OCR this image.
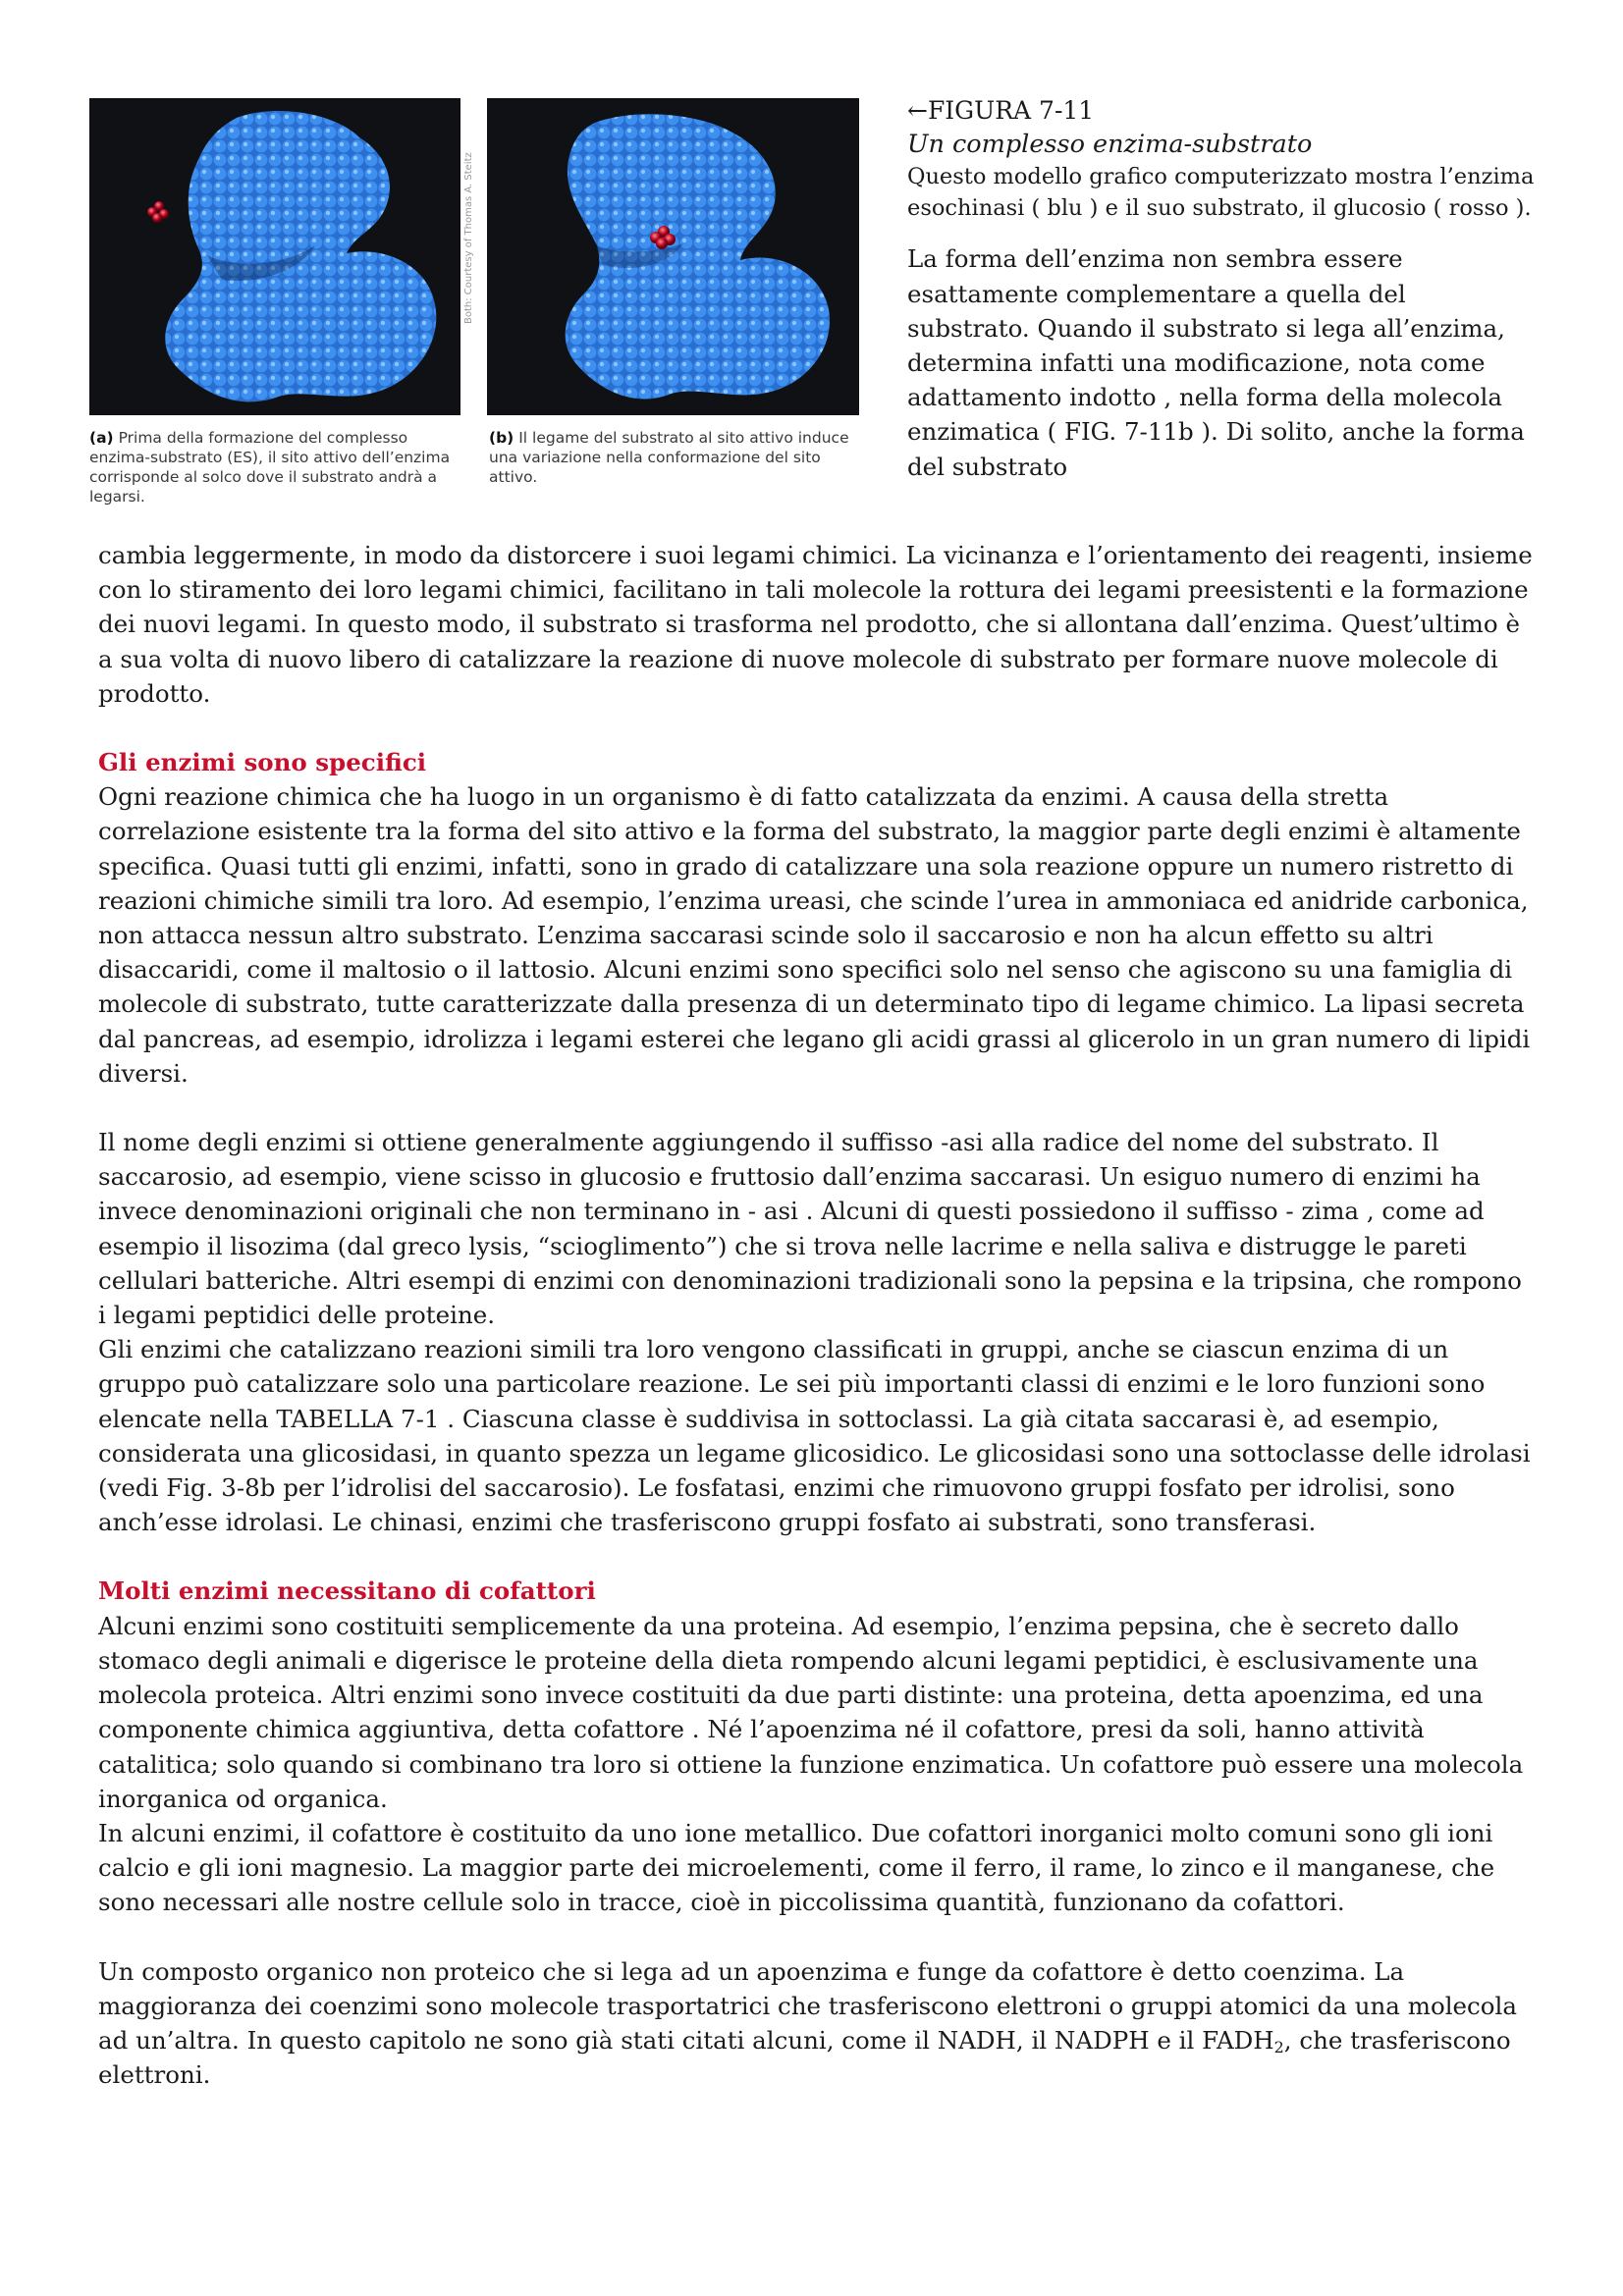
Both: Courtesy of Thomas A. Steitz
(a) Prima della formazione del complesso enzima-substrato (ES), il sito attivo dell’enzima corrisponde al solco dove il substrato andrà a legarsi.
(b) Il legame del substrato al sito attivo induce una variazione nella conformazione del sito attivo.
←FIGURA 7-11
Un complesso enzima-substrato
Questo modello grafico computerizzato mostra l’enzima esochinasi ( blu ) e il suo substrato, il glucosio ( rosso ).
La forma dell’enzima non sembra essere esattamente complementare a quella del substrato. Quando il substrato si lega all’enzima, determina infatti una modificazione, nota come adattamento indotto , nella forma della molecola enzimatica ( FIG. 7-11b ). Di solito, anche la forma del substrato

cambia leggermente, in modo da distorcere i suoi legami chimici. La vicinanza e l’orientamento dei reagenti, insieme con lo stiramento dei loro legami chimici, facilitano in tali molecole la rottura dei legami preesistenti e la formazione dei nuovi legami. In questo modo, il substrato si trasforma nel prodotto, che si allontana dall’enzima. Quest’ultimo è a sua volta di nuovo libero di catalizzare la reazione di nuove molecole di substrato per formare nuove molecole di prodotto.

Gli enzimi sono specifici

Ogni reazione chimica che ha luogo in un organismo è di fatto catalizzata da enzimi. A causa della stretta correlazione esistente tra la forma del sito attivo e la forma del substrato, la maggior parte degli enzimi è altamente specifica. Quasi tutti gli enzimi, infatti, sono in grado di catalizzare una sola reazione oppure un numero ristretto di reazioni chimiche simili tra loro. Ad esempio, l’enzima ureasi, che scinde l’urea in ammoniaca ed anidride carbonica, non attacca nessun altro substrato. L’enzima saccarasi scinde solo il saccarosio e non ha alcun effetto su altri disaccaridi, come il maltosio o il lattosio. Alcuni enzimi sono specifici solo nel senso che agiscono su una famiglia di molecole di substrato, tutte caratterizzate dalla presenza di un determinato tipo di legame chimico. La lipasi secreta dal pancreas, ad esempio, idrolizza i legami esterei che legano gli acidi grassi al glicerolo in un gran numero di lipidi diversi.

Il nome degli enzimi si ottiene generalmente aggiungendo il suffisso -asi alla radice del nome del substrato. Il saccarosio, ad esempio, viene scisso in glucosio e fruttosio dall’enzima saccarasi. Un esiguo numero di enzimi ha invece denominazioni originali che non terminano in - asi . Alcuni di questi possiedono il suffisso - zima , come ad esempio il lisozima (dal greco lysis, “scioglimento”) che si trova nelle lacrime e nella saliva e distrugge le pareti cellulari batteriche. Altri esempi di enzimi con denominazioni tradizionali sono la pepsina e la tripsina, che rompono i legami peptidici delle proteine.

Gli enzimi che catalizzano reazioni simili tra loro vengono classificati in gruppi, anche se ciascun enzima di un gruppo può catalizzare solo una particolare reazione. Le sei più importanti classi di enzimi e le loro funzioni sono elencate nella TABELLA 7-1 . Ciascuna classe è suddivisa in sottoclassi. La già citata saccarasi è, ad esempio, considerata una glicosidasi, in quanto spezza un legame glicosidico. Le glicosidasi sono una sottoclasse delle idrolasi (vedi Fig. 3-8b per l’idrolisi del saccarosio). Le fosfatasi, enzimi che rimuovono gruppi fosfato per idrolisi, sono anch’esse idrolasi. Le chinasi, enzimi che trasferiscono gruppi fosfato ai substrati, sono transferasi.

Molti enzimi necessitano di cofattori

Alcuni enzimi sono costituiti semplicemente da una proteina. Ad esempio, l’enzima pepsina, che è secreto dallo stomaco degli animali e digerisce le proteine della dieta rompendo alcuni legami peptidici, è esclusivamente una molecola proteica. Altri enzimi sono invece costituiti da due parti distinte: una proteina, detta apoenzima, ed una componente chimica aggiuntiva, detta cofattore . Né l’apoenzima né il cofattore, presi da soli, hanno attività catalitica; solo quando si combinano tra loro si ottiene la funzione enzimatica. Un cofattore può essere una molecola inorganica od organica.

In alcuni enzimi, il cofattore è costituito da uno ione metallico. Due cofattori inorganici molto comuni sono gli ioni calcio e gli ioni magnesio. La maggior parte dei microelementi, come il ferro, il rame, lo zinco e il manganese, che sono necessari alle nostre cellule solo in tracce, cioè in piccolissima quantità, funzionano da cofattori.

Un composto organico non proteico che si lega ad un apoenzima e funge da cofattore è detto coenzima. La maggioranza dei coenzimi sono molecole trasportatrici che trasferiscono elettroni o gruppi atomici da una molecola ad un’altra. In questo capitolo ne sono già stati citati alcuni, come il NADH, il NADPH e il $FADH_2$, che trasferiscono elettroni.
